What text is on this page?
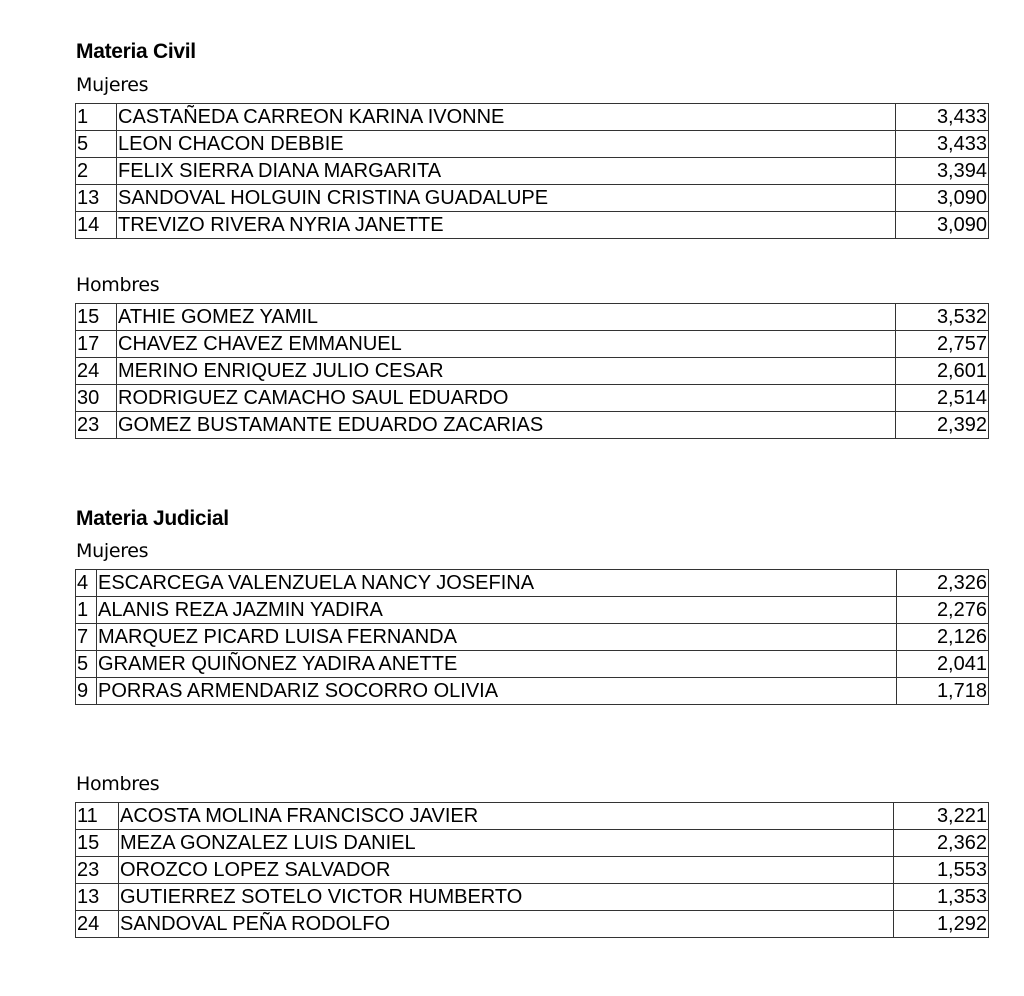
Materia Civil
Mujeres
1	CASTAÑEDA CARREON KARINA IVONNE	3,433
5	LEON CHACON DEBBIE	3,433
2	FELIX SIERRA DIANA MARGARITA	3,394
13	SANDOVAL HOLGUIN CRISTINA GUADALUPE	3,090
14	TREVIZO RIVERA NYRIA JANETTE	3,090
Hombres
15	ATHIE GOMEZ YAMIL	3,532
17	CHAVEZ CHAVEZ EMMANUEL	2,757
24	MERINO ENRIQUEZ JULIO CESAR	2,601
30	RODRIGUEZ CAMACHO SAUL EDUARDO	2,514
23	GOMEZ BUSTAMANTE EDUARDO ZACARIAS	2,392
Materia Judicial
Mujeres
4	ESCARCEGA VALENZUELA NANCY JOSEFINA	2,326
1	ALANIS REZA JAZMIN YADIRA	2,276
7	MARQUEZ PICARD LUISA FERNANDA	2,126
5	GRAMER QUIÑONEZ YADIRA ANETTE	2,041
9	PORRAS ARMENDARIZ SOCORRO OLIVIA	1,718
Hombres
11	ACOSTA MOLINA FRANCISCO JAVIER	3,221
15	MEZA GONZALEZ LUIS DANIEL	2,362
23	OROZCO LOPEZ SALVADOR	1,553
13	GUTIERREZ SOTELO VICTOR HUMBERTO	1,353
24	SANDOVAL PEÑA RODOLFO	1,292
